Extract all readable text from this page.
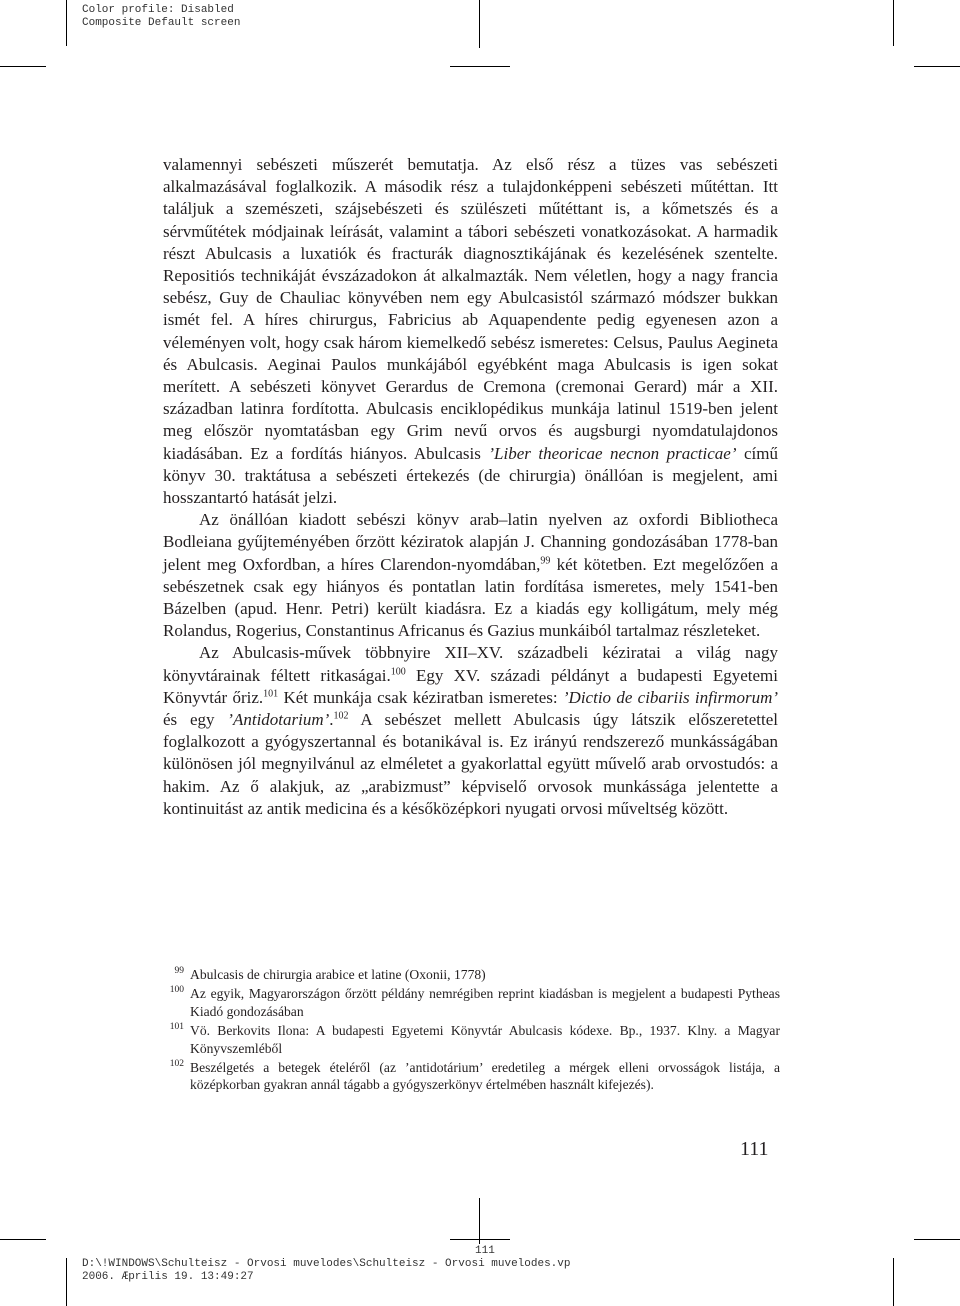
Color profile: Disabled
Composite Default screen

valamennyi sebészeti műszerét bemutatja. Az első rész a tüzes vas sebészeti alkalmazásával foglalkozik. A második rész a tulajdonképpeni sebészeti műtéttan. Itt találjuk a szemészeti, szájsebészeti és szülészeti műtéttant is, a kőmetszés és a sérvműtétek módjainak leírását, valamint a tábori sebészeti vonatkozásokat. A harmadik részt Abulcasis a luxatiók és fracturák diagnosztikájának és kezelésének szentelte. Repositiós technikáját évszázadokon át alkalmazták. Nem véletlen, hogy a nagy francia sebész, Guy de Chauliac könyvében nem egy Abulcasistól származó módszer bukkan ismét fel. A híres chirurgus, Fabricius ab Aquapendente pedig egyenesen azon a véleményen volt, hogy csak három kiemelkedő sebész ismeretes: Celsus, Paulus Aegineta és Abulcasis. Aeginai Paulos munkájából egyébként maga Abulcasis is igen sokat merített. A sebészeti könyvet Gerardus de Cremona (cremonai Gerard) már a XII. században latinra fordította. Abulcasis enciklopédikus munkája latinul 1519-ben jelent meg először nyomtatásban egy Grim nevű orvos és augsburgi nyomdatulajdonos kiadásában. Ez a fordítás hiányos. Abulcasis ’Liber theoricae necnon practicae’ című könyv 30. traktátusa a sebészeti értekezés (de chirurgia) önállóan is megjelent, ami hosszantartó hatását jelzi.

Az önállóan kiadott sebészi könyv arab–latin nyelven az oxfordi Bibliotheca Bodleiana gyűjteményében őrzött kéziratok alapján J. Channing gondozásában 1778-ban jelent meg Oxfordban, a híres Clarendon-nyomdában,$^{99}$ két kötetben. Ezt megelőzően a sebészetnek csak egy hiányos és pontatlan latin fordítása ismeretes, mely 1541-ben Bázelben (apud. Henr. Petri) került kiadásra. Ez a kiadás egy kolligátum, mely még Rolandus, Rogerius, Constantinus Africanus és Gazius munkáiból tartalmaz részleteket.

Az Abulcasis-művek többnyire XII–XV. századbeli kéziratai a világ nagy könyvtárainak féltett ritkaságai.$^{100}$ Egy XV. századi példányt a budapesti Egyetemi Könyvtár őriz.$^{101}$ Két munkája csak kéziratban ismeretes: ’Dictio de cibariis infirmorum’ és egy ’Antidotarium’.$^{102}$ A sebészet mellett Abulcasis úgy látszik előszeretettel foglalkozott a gyógyszertannal és botanikával is. Ez irányú rendszerező munkásságában különösen jól megnyilvánul az elméletet a gyakorlattal együtt művelő arab orvostudós: a hakim. Az ő alakjuk, az „arabizmust” képviselő orvosok munkássága jelentette a kontinuitást az antik medicina és a későközépkori nyugati orvosi műveltség között.

99 Abulcasis de chirurgia arabice et latine (Oxonii, 1778)
100 Az egyik, Magyarországon őrzött példány nemrégiben reprint kiadásban is megjelent a budapesti Pytheas Kiadó gondozásában
101 Vö. Berkovits Ilona: A budapesti Egyetemi Könyvtár Abulcasis kódexe. Bp., 1937. Klny. a Magyar Könyvszemléből
102 Beszélgetés a betegek ételéről (az ’antidotárium’ eredetileg a mérgek elleni orvosságok listája, a középkorban gyakran annál tágabb a gyógyszerkönyv értelmében használt kifejezés).
111
111
D:\!WINDOWS\Schulteisz - Orvosi muvelodes\Schulteisz - Orvosi muvelodes.vp
2006. Æprilis 19. 13:49:27
